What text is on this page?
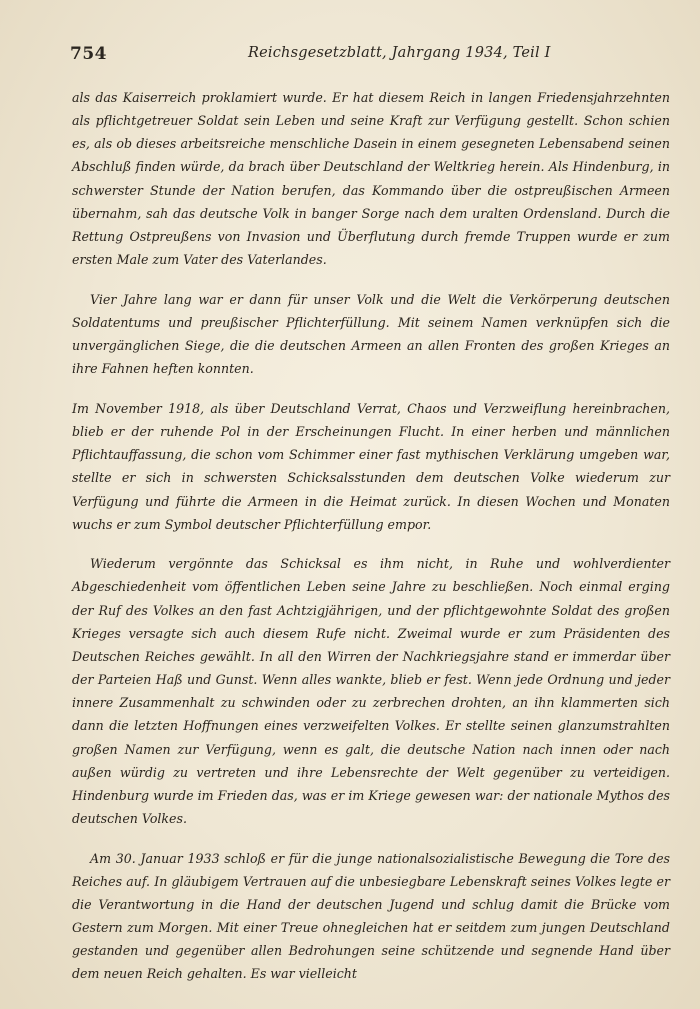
754	Reichsgesetzblatt, Jahrgang 1934, Teil I

als das Kaiserreich proklamiert wurde. Er hat diesem Reich in langen Friedensjahrzehnten als pflichtgetreuer Soldat sein Leben und seine Kraft zur Verfügung gestellt. Schon schien es, als ob dieses arbeitsreiche menschliche Dasein in einem gesegneten Lebensabend seinen Abschluß finden würde, da brach über Deutschland der Weltkrieg herein. Als Hindenburg, in schwerster Stunde der Nation berufen, das Kommando über die ostpreußischen Armeen übernahm, sah das deutsche Volk in banger Sorge nach dem uralten Ordensland. Durch die Rettung Ostpreußens von Invasion und Überflutung durch fremde Truppen wurde er zum ersten Male zum Vater des Vaterlandes.

Vier Jahre lang war er dann für unser Volk und die Welt die Verkörperung deutschen Soldatentums und preußischer Pflichterfüllung. Mit seinem Namen verknüpfen sich die unvergänglichen Siege, die die deutschen Armeen an allen Fronten des großen Krieges an ihre Fahnen heften konnten.

Im November 1918, als über Deutschland Verrat, Chaos und Verzweiflung hereinbrachen, blieb er der ruhende Pol in der Erscheinungen Flucht. In einer herben und männlichen Pflichtauffassung, die schon vom Schimmer einer fast mythischen Verklärung umgeben war, stellte er sich in schwersten Schicksalsstunden dem deutschen Volke wiederum zur Verfügung und führte die Armeen in die Heimat zurück. In diesen Wochen und Monaten wuchs er zum Symbol deutscher Pflichterfüllung empor.

Wiederum vergönnte das Schicksal es ihm nicht, in Ruhe und wohlverdienter Abgeschiedenheit vom öffentlichen Leben seine Jahre zu beschließen. Noch einmal erging der Ruf des Volkes an den fast Achtzigjährigen, und der pflichtgewohnte Soldat des großen Krieges versagte sich auch diesem Rufe nicht. Zweimal wurde er zum Präsidenten des Deutschen Reiches gewählt. In all den Wirren der Nachkriegsjahre stand er immerdar über der Parteien Haß und Gunst. Wenn alles wankte, blieb er fest. Wenn jede Ordnung und jeder innere Zusammenhalt zu schwinden oder zu zerbrechen drohten, an ihn klammerten sich dann die letzten Hoffnungen eines verzweifelten Volkes. Er stellte seinen glanzumstrahlten großen Namen zur Verfügung, wenn es galt, die deutsche Nation nach innen oder nach außen würdig zu vertreten und ihre Lebensrechte der Welt gegenüber zu verteidigen. Hindenburg wurde im Frieden das, was er im Kriege gewesen war: der nationale Mythos des deutschen Volkes.

Am 30. Januar 1933 schloß er für die junge nationalsozialistische Bewegung die Tore des Reiches auf. In gläubigem Vertrauen auf die unbesiegbare Lebenskraft seines Volkes legte er die Verantwortung in die Hand der deutschen Jugend und schlug damit die Brücke vom Gestern zum Morgen. Mit einer Treue ohnegleichen hat er seitdem zum jungen Deutschland gestanden und gegenüber allen Bedrohungen seine schützende und segnende Hand über dem neuen Reich gehalten. Es war vielleicht
